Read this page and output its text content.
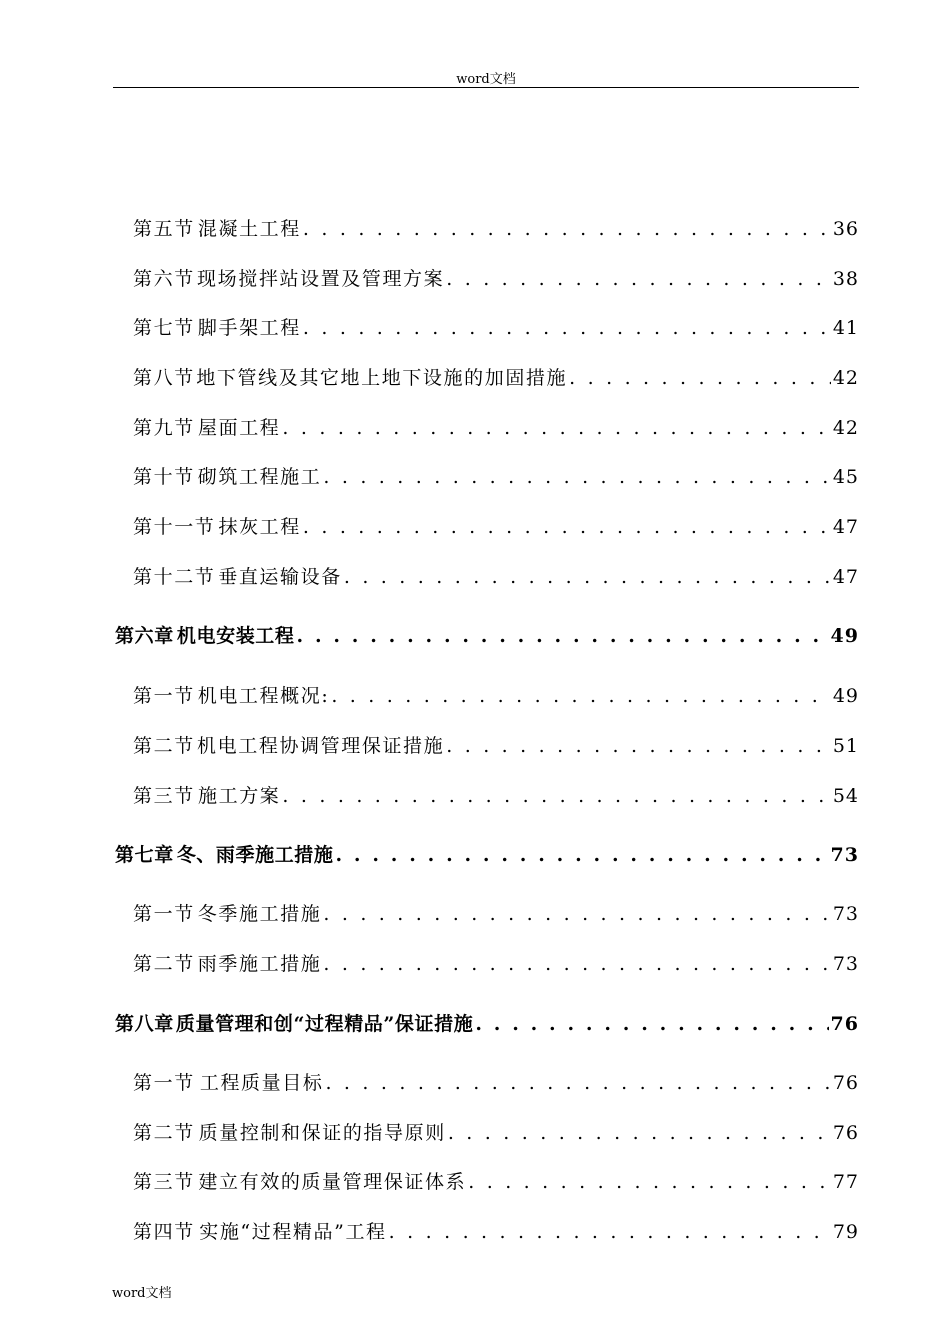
word文档
第五节 混凝土工程 . . .	36
第六节 现场搅拌站设置及管理方案 . . .	38
第七节 脚手架工程 . . .	41
第八节 地下管线及其它地上地下设施的加固措施 . . .	42
第九节 屋面工程 . . .	42
第十节 砌筑工程施工 . . .	45
第十一节 抹灰工程 . . .	47
第十二节 垂直运输设备 . . .	47
第六章 机电安装工程 . . .	49
第一节 机电工程概况: . . .	49
第二节 机电工程协调管理保证措施 . . .	51
第三节 施工方案 . . .	54
第七章 冬、雨季施工措施 . . .	73
第一节 冬季施工措施 . . .	73
第二节 雨季施工措施 . . .	73
第八章 质量管理和创“过程精品”保证措施 . . .	76
第一节 工程质量目标 . . .	76
第二节 质量控制和保证的指导原则 . . .	76
第三节 建立有效的质量管理保证体系 . . .	77
第四节 实施“过程精品”工程 . . .	79
word文档
